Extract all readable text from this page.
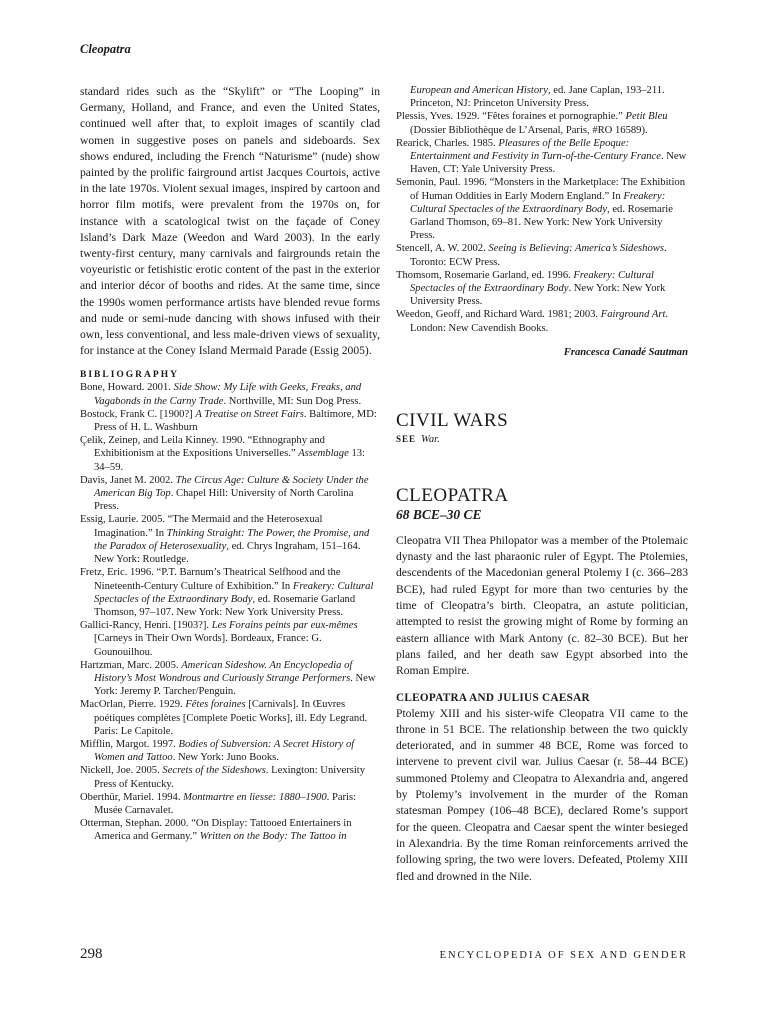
Cleopatra

standard rides such as the “Skylift” or “The Looping” in Germany, Holland, and France, and even the United States, continued well after that, to exploit images of scantily clad women in suggestive poses on panels and sideboards. Sex shows endured, including the French “Naturisme” (nude) show painted by the prolific fairground artist Jacques Courtois, active in the late 1970s. Violent sexual images, inspired by cartoon and horror film motifs, were prevalent from the 1970s on, for instance with a scatological twist on the façade of Coney Island’s Dark Maze (Weedon and Ward 2003). In the early twenty-first century, many carnivals and fairgrounds retain the voyeuristic or fetishistic erotic content of the past in the exterior and interior décor of booths and rides. At the same time, since the 1990s women performance artists have blended revue forms and nude or semi-nude dancing with shows infused with their own, less conventional, and less male-driven views of sexuality, for instance at the Coney Island Mermaid Parade (Essig 2005).

BIBLIOGRAPHY
Bone, Howard. 2001. Side Show: My Life with Geeks, Freaks, and Vagabonds in the Carny Trade. Northville, MI: Sun Dog Press.
Bostock, Frank C. [1900?] A Treatise on Street Fairs. Baltimore, MD: Press of H. L. Washburn
Çelik, Zeinep, and Leila Kinney. 1990. “Ethnography and Exhibitionism at the Expositions Universelles.” Assemblage 13: 34–59.
Davis, Janet M. 2002. The Circus Age: Culture & Society Under the American Big Top. Chapel Hill: University of North Carolina Press.
Essig, Laurie. 2005. “The Mermaid and the Heterosexual Imagination.” In Thinking Straight: The Power, the Promise, and the Paradox of Heterosexuality, ed. Chrys Ingraham, 151–164. New York: Routledge.
Fretz, Eric. 1996. “P.T. Barnum’s Theatrical Selfhood and the Nineteenth-Century Culture of Exhibition.” In Freakery: Cultural Spectacles of the Extraordinary Body, ed. Rosemarie Garland Thomson, 97–107. New York: New York University Press.
Gallici-Rancy, Henri. [1903?]. Les Forains peints par eux-mêmes [Carneys in Their Own Words]. Bordeaux, France: G. Gounouilhou.
Hartzman, Marc. 2005. American Sideshow. An Encyclopedia of History’s Most Wondrous and Curiously Strange Performers. New York: Jeremy P. Tarcher/Penguin.
MacOrlan, Pierre. 1929. Fêtes foraines [Carnivals]. In Œuvres poétiques complètes [Complete Poetic Works], ill. Edy Legrand. Paris: Le Capitole.
Mifflin, Margot. 1997. Bodies of Subversion: A Secret History of Women and Tattoo. New York: Juno Books.
Nickell, Joe. 2005. Secrets of the Sideshows. Lexington: University Press of Kentucky.
Oberthür, Mariel. 1994. Montmartre en liesse: 1880–1900. Paris: Musée Carnavalet.
Otterman, Stephan. 2000. “On Display: Tattooed Entertainers in America and Germany.” Written on the Body: The Tattoo in
European and American History, ed. Jane Caplan, 193–211. Princeton, NJ: Princeton University Press.
Plessis, Yves. 1929. “Fêtes foraines et pornographie.” Petit Bleu (Dossier Bibliothèque de L’Arsenal, Paris, #RO 16589).
Rearick, Charles. 1985. Pleasures of the Belle Epoque: Entertainment and Festivity in Turn-of-the-Century France. New Haven, CT: Yale University Press.
Semonin, Paul. 1996. “Monsters in the Marketplace: The Exhibition of Human Oddities in Early Modern England.” In Freakery: Cultural Spectacles of the Extraordinary Body, ed. Rosemarie Garland Thomson, 69–81. New York: New York University Press.
Stencell, A. W. 2002. Seeing is Believing: America’s Sideshows. Toronto: ECW Press.
Thomsom, Rosemarie Garland, ed. 1996. Freakery: Cultural Spectacles of the Extraordinary Body. New York: New York University Press.
Weedon, Geoff, and Richard Ward. 1981; 2003. Fairground Art. London: New Cavendish Books.
Francesca Canadé Sautman
CIVIL WARS
SEE War.
CLEOPATRA
68 BCE–30 CE

Cleopatra VII Thea Philopator was a member of the Ptolemaic dynasty and the last pharaonic ruler of Egypt. The Ptolemies, descendents of the Macedonian general Ptolemy I (c. 366–283 BCE), had ruled Egypt for more than two centuries by the time of Cleopatra’s birth. Cleopatra, an astute politician, attempted to resist the growing might of Rome by forming an eastern alliance with Mark Antony (c. 82–30 BCE). But her plans failed, and her death saw Egypt absorbed into the Roman Empire.

CLEOPATRA AND JULIUS CAESAR

Ptolemy XIII and his sister-wife Cleopatra VII came to the throne in 51 BCE. The relationship between the two quickly deteriorated, and in summer 48 BCE, Rome was forced to intervene to prevent civil war. Julius Caesar (r. 58–44 BCE) summoned Ptolemy and Cleopatra to Alexandria and, angered by Ptolemy’s involvement in the murder of the Roman statesman Pompey (106–48 BCE), declared Rome’s support for the queen. Cleopatra and Caesar spent the winter besieged in Alexandria. By the time Roman reinforcements arrived the following spring, the two were lovers. Defeated, Ptolemy XIII fled and drowned in the Nile.

298	ENCYCLOPEDIA OF SEX AND GENDER
